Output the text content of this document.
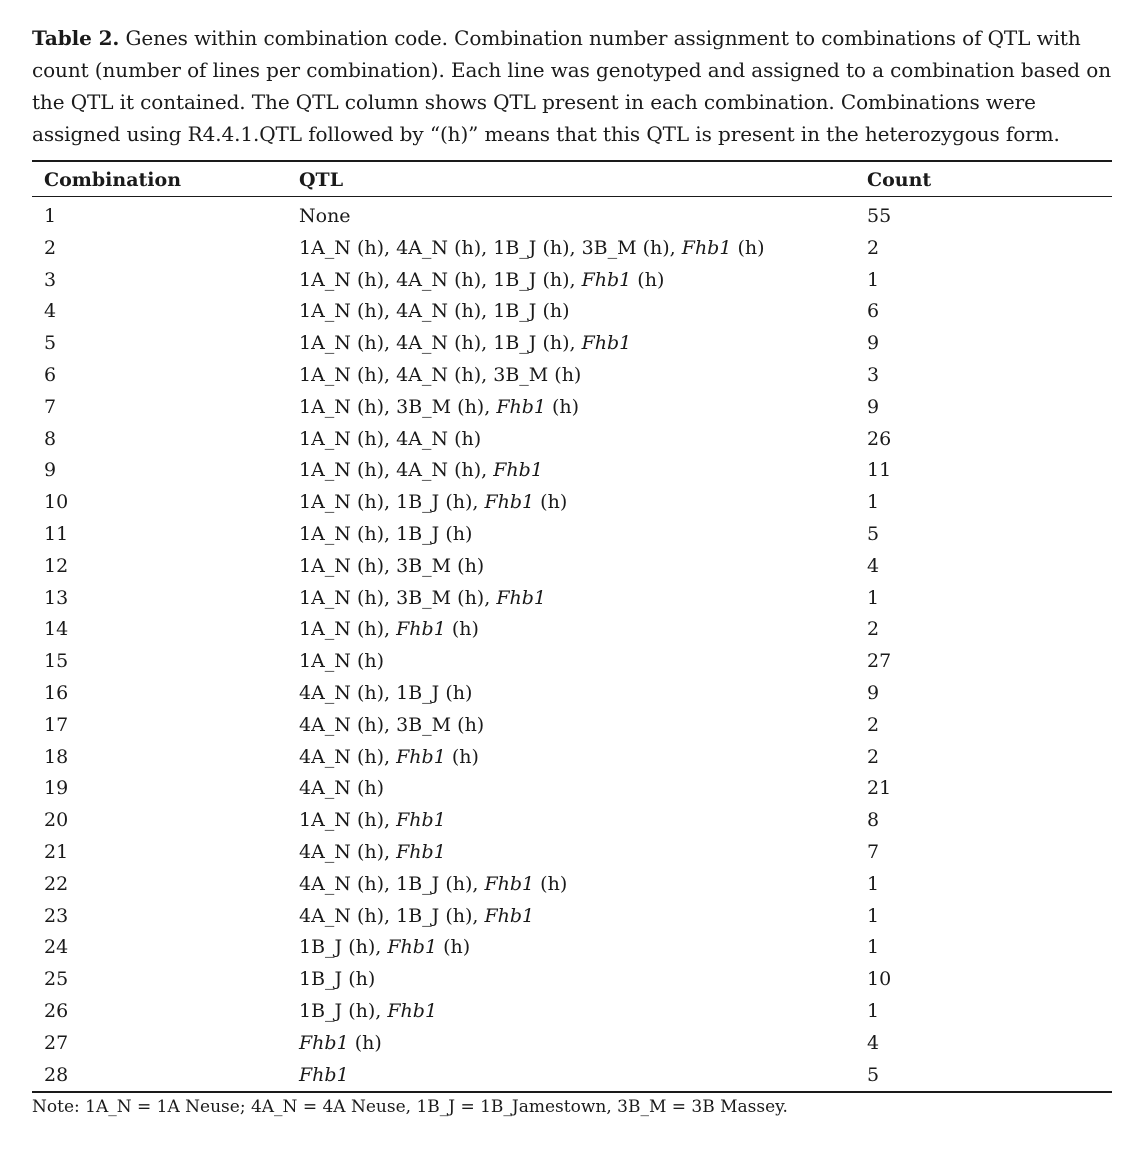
Table 2. Genes within combination code. Combination number assignment to combinations of QTL with count (number of lines per combination). Each line was genotyped and assigned to a combination based on the QTL it contained. The QTL column shows QTL present in each combination. Combinations were assigned using R4.4.1.QTL followed by “(h)” means that this QTL is present in the heterozygous form.
Combination	QTL	Count
1	None	55
2	1A_N (h), 4A_N (h), 1B_J (h), 3B_M (h), Fhb1 (h)	2
3	1A_N (h), 4A_N (h), 1B_J (h), Fhb1 (h)	1
4	1A_N (h), 4A_N (h), 1B_J (h)	6
5	1A_N (h), 4A_N (h), 1B_J (h), Fhb1	9
6	1A_N (h), 4A_N (h), 3B_M (h)	3
7	1A_N (h), 3B_M (h), Fhb1 (h)	9
8	1A_N (h), 4A_N (h)	26
9	1A_N (h), 4A_N (h), Fhb1	11
10	1A_N (h), 1B_J (h), Fhb1 (h)	1
11	1A_N (h), 1B_J (h)	5
12	1A_N (h), 3B_M (h)	4
13	1A_N (h), 3B_M (h), Fhb1	1
14	1A_N (h), Fhb1 (h)	2
15	1A_N (h)	27
16	4A_N (h), 1B_J (h)	9
17	4A_N (h), 3B_M (h)	2
18	4A_N (h), Fhb1 (h)	2
19	4A_N (h)	21
20	1A_N (h), Fhb1	8
21	4A_N (h), Fhb1	7
22	4A_N (h), 1B_J (h), Fhb1 (h)	1
23	4A_N (h), 1B_J (h), Fhb1	1
24	1B_J (h), Fhb1 (h)	1
25	1B_J (h)	10
26	1B_J (h), Fhb1	1
27	Fhb1 (h)	4
28	Fhb1	5
Note: 1A_N = 1A Neuse; 4A_N = 4A Neuse, 1B_J = 1B_Jamestown, 3B_M = 3B Massey.
